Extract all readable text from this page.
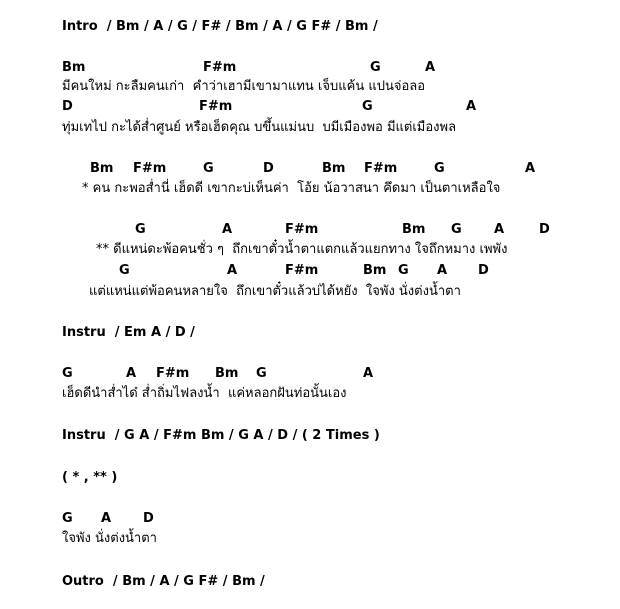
Intro  / Bm / A / G / F# / Bm / A / G F# / Bm /
Bm	F#m	G	A
มีคนใหม่ กะลืมคนเก่า  คำว่าเฮามีเขามาแทน เจ็บแค้น แปนจ่อลอ
D	F#m	G	A
ทุ่มเทไป กะได้ส่ำศูนย์ หรือเฮ็ดคุณ บขึ้นแม่นบ  บมีเมืองพอ มีแต่เมืองพล
Bm F#m	G	D	Bm F#m	G	A
* คน กะพอส่ำนี่ เฮ็ดดี เขากะบ่เห็นค่า  โอ้ย น้อวาสนา คึดมา เป็นตาเหลือใจ
G	A	F#m	Bm G A	D
** ดีแหน่ดะพ้อคนชั่ว ๆ  ถึกเขาตั๋วน้ำตาแตกแล้วแยกทาง ใจถึกหมาง เพพัง
G	A	F#m	Bm G A D
แต่แหน่แต่พ้อคนหลายใจ  ถึกเขาตั๋วแล้วบ่ได้หยัง  ใจพัง นั่งต่งน้ำตา
Instru  / Em A / D /
G	A F#m Bm G	A
เฮ็ดดีนำส่ำได๋ ส่ำถิ่มไฟลงน้ำ  แค่หลอกฝันท่อนั้นเอง
Instru  / G A / F#m Bm / G A / D / ( 2 Times )
( * , ** )
G A D
ใจพัง นั่งต่งน้ำตา
Outro  / Bm / A / G F# / Bm /
